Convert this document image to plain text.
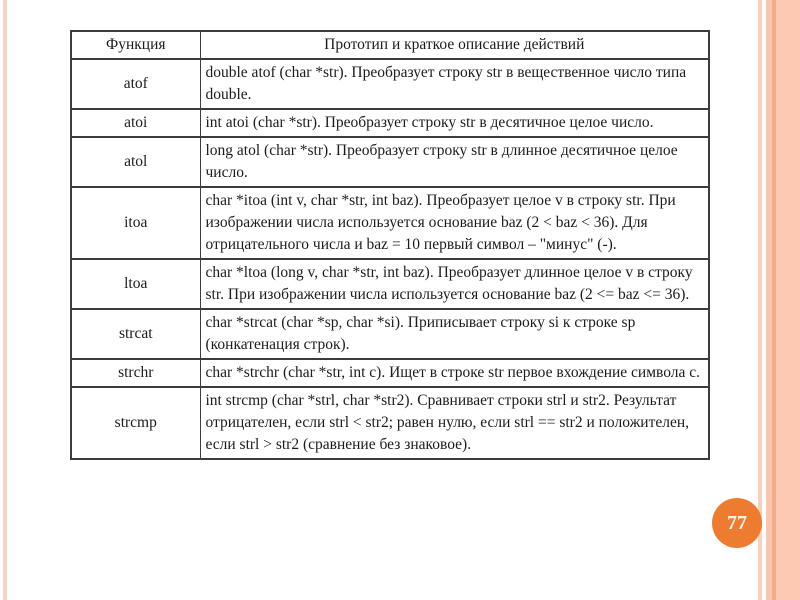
Функция	Прототип и краткое описание действий
atof	double atof (char *str). Преобразует строку str в вещественное число типа double.
atoi	int atoi (char *str). Преобразует строку str в десятичное целое число.
atol	long atol (char *str). Преобразует строку str в длинное десятичное целое число.
itoa	char *itoa (int v, char *str, int baz). Преобразует целое v в строку str. При изображении числа используется основание baz (2 < baz < 36). Для отрицательного числа и baz = 10 первый символ – "минус" (-).
ltoa	char *ltoa (long v, char *str, int baz). Преобразует длинное целое v в строку str. При изображении числа используется основание baz (2 <= baz <= 36).
strcat	char *strcat (char *sp, char *si). Приписывает строку si к строке sp (конкатенация строк).
strchr	char *strchr (char *str, int c). Ищет в строке str первое вхождение символа c.
strcmp	int strcmp (char *strl, char *str2). Сравнивает строки strl и str2. Результат отрицателен, если strl < str2; равен нулю, если strl == str2 и положителен, если strl > str2 (сравнение без знаковое).
77
